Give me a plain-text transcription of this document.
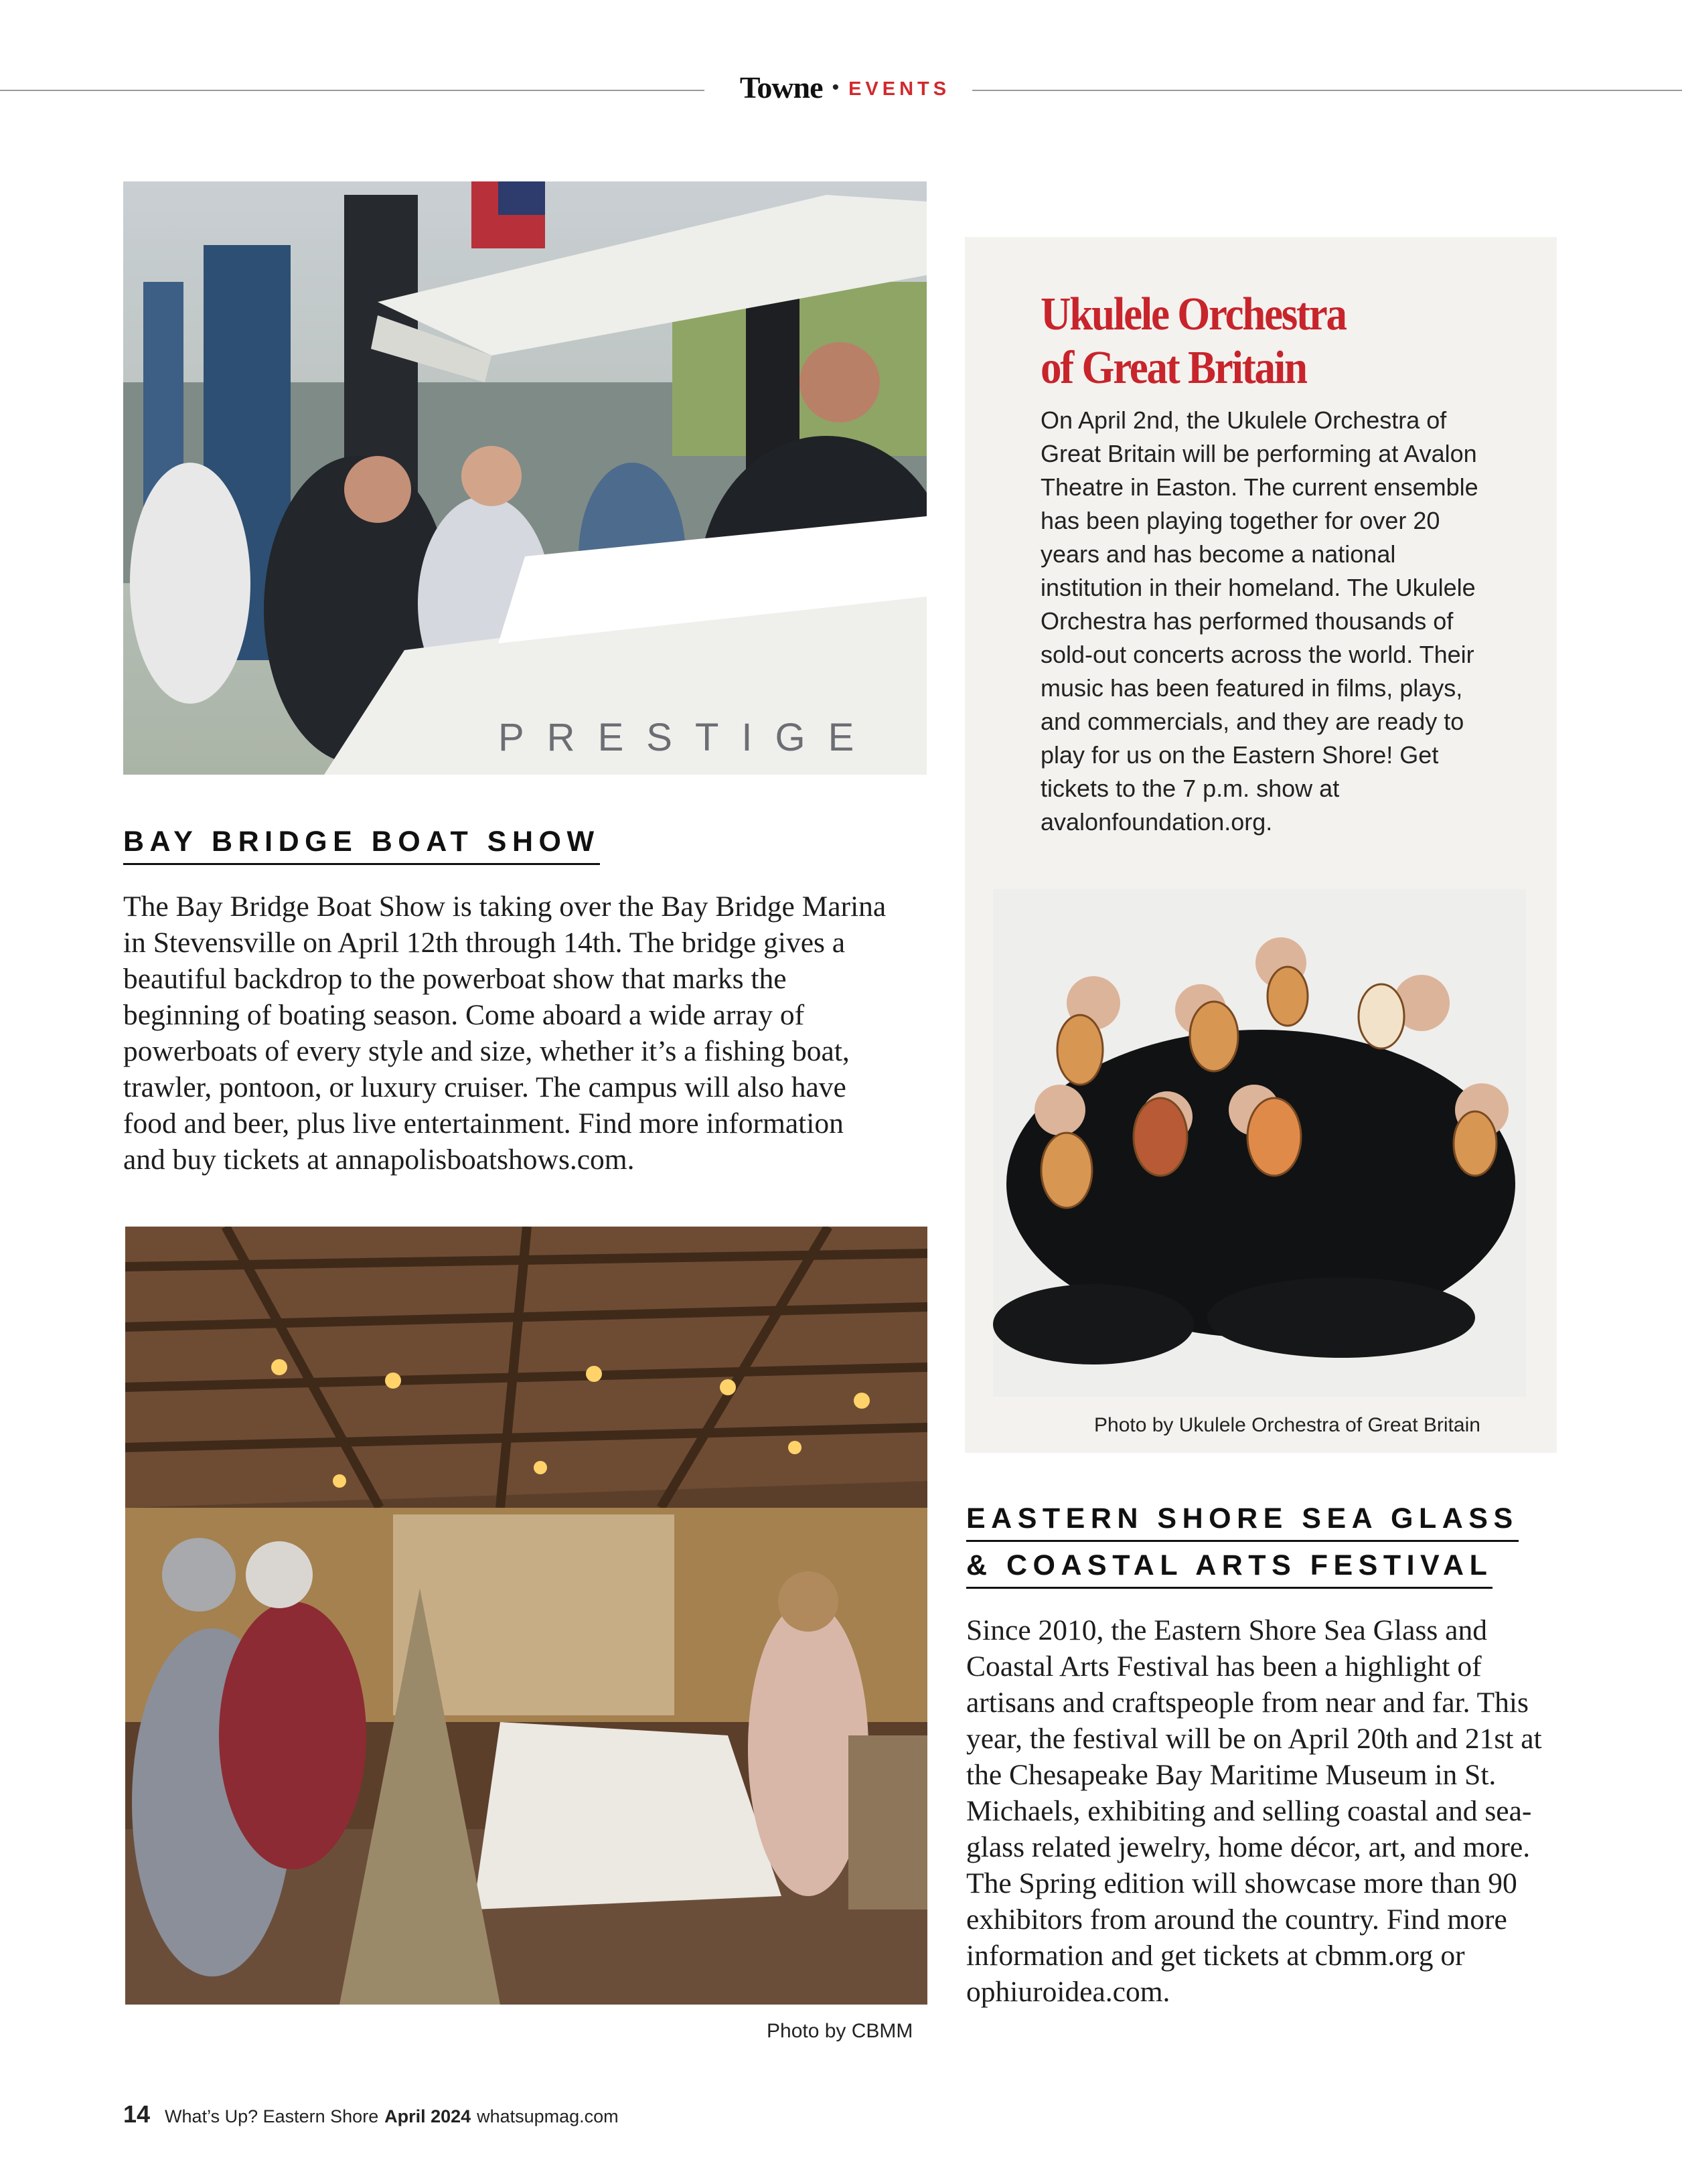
Towne • EVENTS
PRESTIGE
BAY BRIDGE BOAT SHOW

The Bay Bridge Boat Show is taking over the Bay Bridge Marina in Stevensville on April 12th through 14th. The bridge gives a beautiful backdrop to the powerboat show that marks the beginning of boating season. Come aboard a wide array of powerboats of every style and size, whether it’s a fishing boat, trawler, pontoon, or luxury cruiser. The campus will also have food and beer, plus live entertainment. Find more information and buy tickets at annapolisboatshows.com.

Photo by CBMM
Ukulele Orchestra
of Great Britain

On April 2nd, the Ukulele Orchestra of Great Britain will be performing at Avalon Theatre in Easton. The current ensemble has been playing together for over 20 years and has become a national institution in their homeland. The Ukulele Orchestra has performed thousands of sold-out concerts across the world. Their music has been featured in films, plays, and commercials, and they are ready to play for us on the Eastern Shore! Get tickets to the 7 p.m. show at avalonfoundation.org.

Photo by Ukulele Orchestra of Great Britain
EASTERN SHORE SEA GLASS
& COASTAL ARTS FESTIVAL

Since 2010, the Eastern Shore Sea Glass and Coastal Arts Festival has been a highlight of artisans and craftspeople from near and far. This year, the festival will be on April 20th and 21st at the Chesapeake Bay Maritime Museum in St. Michaels, exhibiting and selling coastal and sea-glass related jewelry, home décor, art, and more. The Spring edition will showcase more than 90 exhibitors from around the country. Find more information and get tickets at cbmm.org or ophiuroidea.com.

14 What’s Up? Eastern Shore April 2024 whatsupmag.com
